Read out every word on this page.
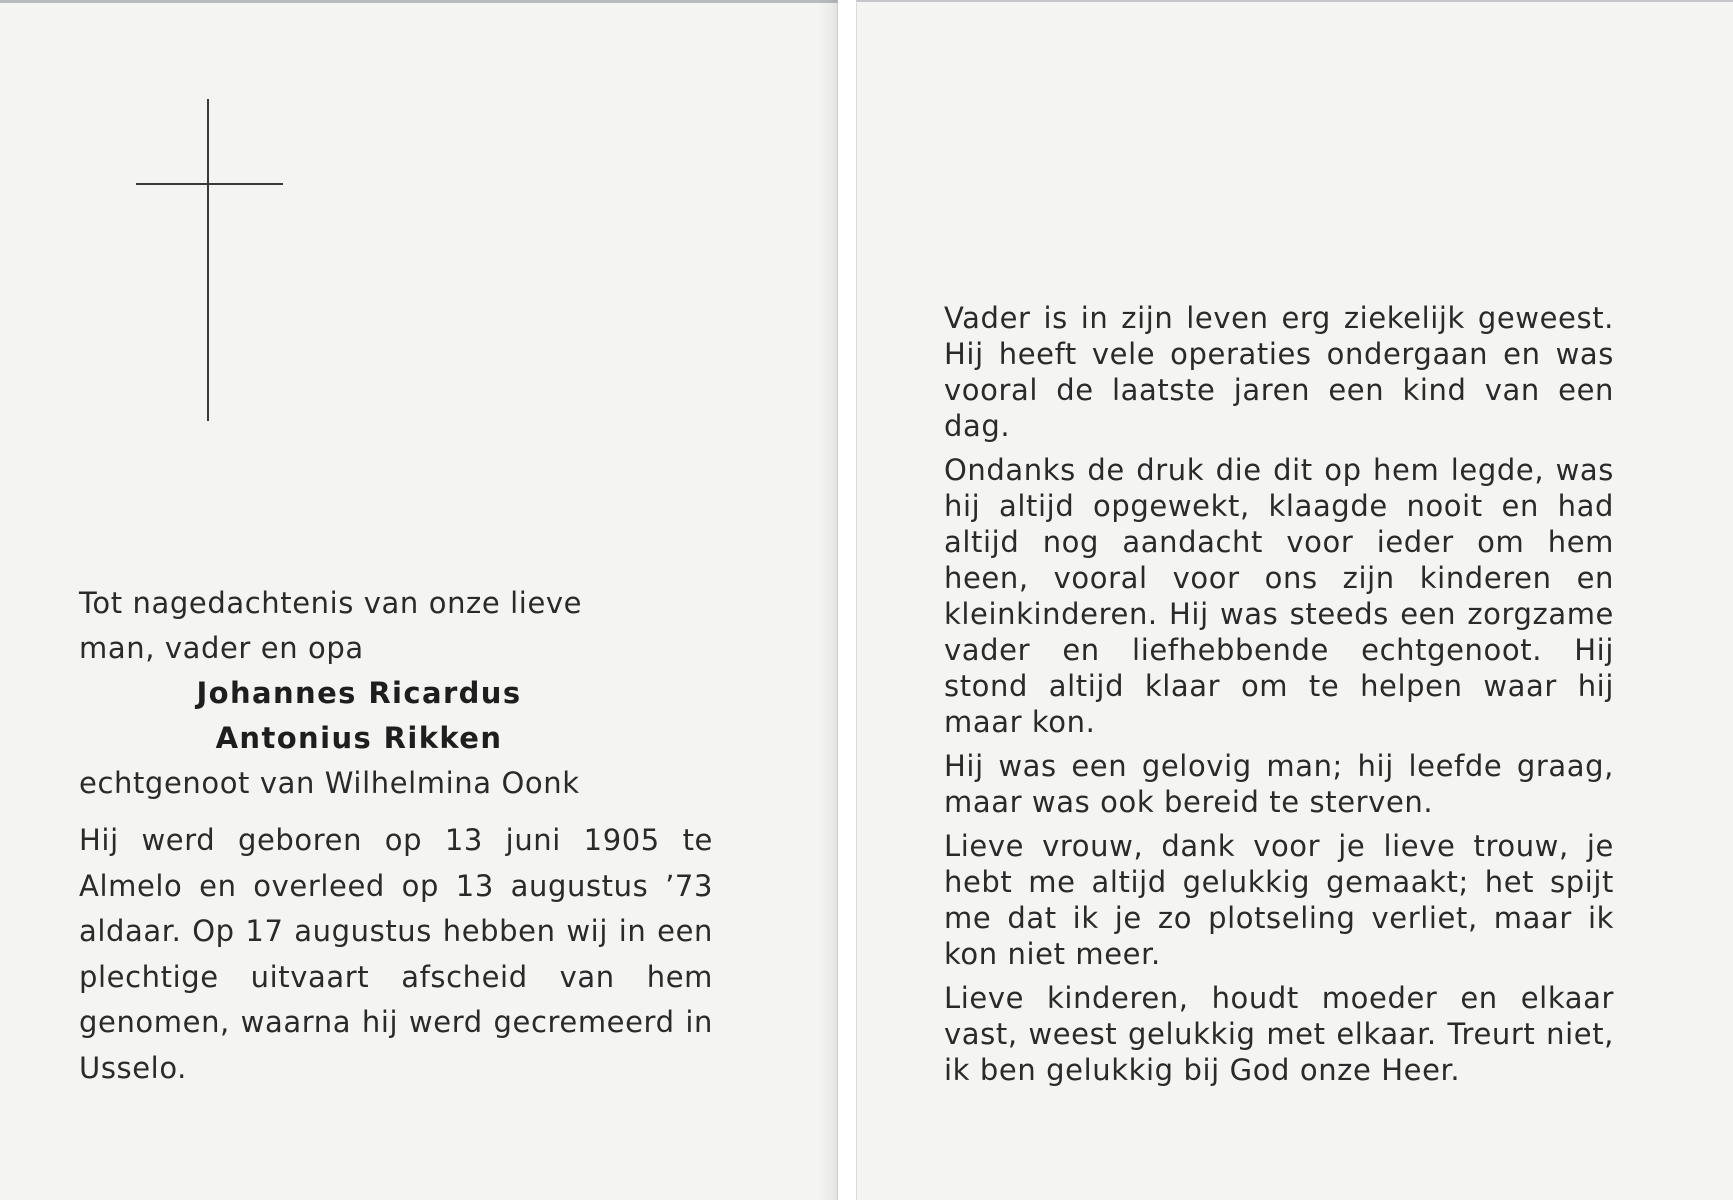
Tot nagedachtenis van onze lieve
man, vader en opa
Johannes Ricardus
Antonius Rikken
echtgenoot van Wilhelmina Oonk
Hij werd geboren op 13 juni 1905 te Almelo en overleed op 13 augustus ’73 aldaar. Op 17 augustus hebben wij in een plechtige uitvaart afscheid van hem genomen, waarna hij werd gecremeerd in Usselo.

Vader is in zijn leven erg ziekelijk geweest. Hij heeft vele operaties ondergaan en was vooral de laatste jaren een kind van een dag.

Ondanks de druk die dit op hem legde, was hij altijd opgewekt, klaagde nooit en had altijd nog aandacht voor ieder om hem heen, vooral voor ons zijn kinderen en kleinkinderen. Hij was steeds een zorgzame vader en liefhebbende echtgenoot. Hij stond altijd klaar om te helpen waar hij maar kon.

Hij was een gelovig man; hij leefde graag, maar was ook bereid te sterven.

Lieve vrouw, dank voor je lieve trouw, je hebt me altijd gelukkig gemaakt; het spijt me dat ik je zo plotseling verliet, maar ik kon niet meer.

Lieve kinderen, houdt moeder en elkaar vast, weest gelukkig met elkaar. Treurt niet, ik ben gelukkig bij God onze Heer.
